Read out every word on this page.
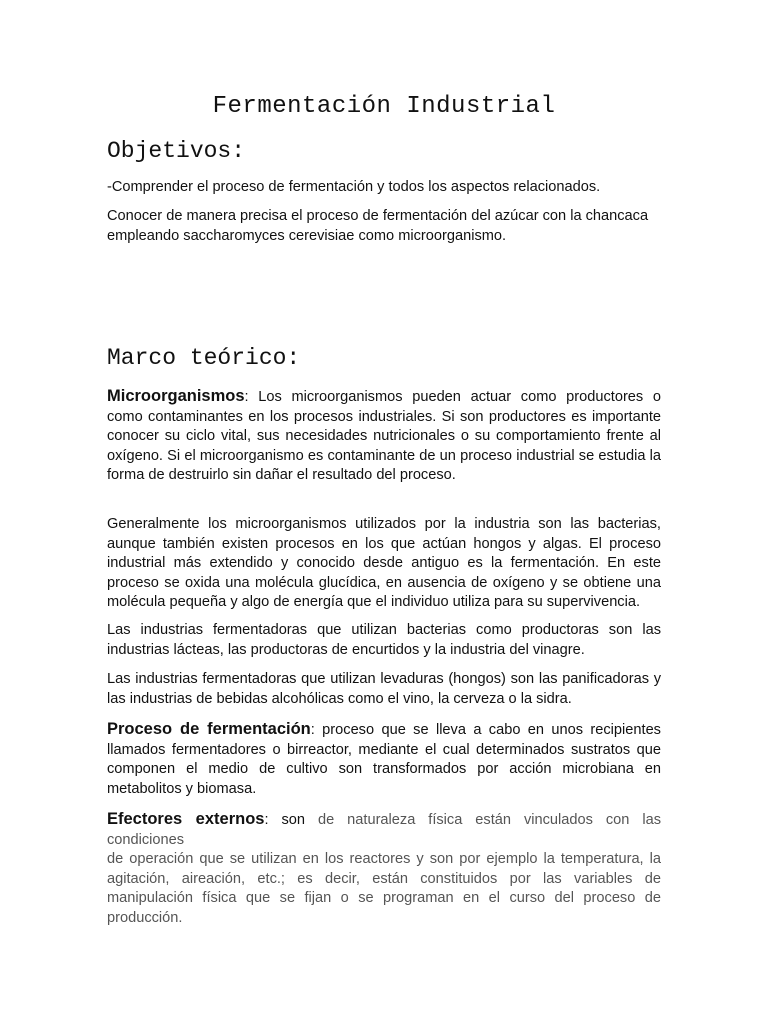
Fermentación Industrial
Objetivos:

-Comprender el proceso de fermentación y todos los aspectos relacionados.

Conocer de manera precisa el proceso de fermentación del azúcar con la chancaca empleando saccharomyces cerevisiae como microorganismo.

Marco teórico:

Microorganismos: Los microorganismos pueden actuar como productores o como contaminantes en los procesos industriales. Si son productores es importante conocer su ciclo vital, sus necesidades nutricionales o su comportamiento frente al oxígeno. Si el microorganismo es contaminante de un proceso industrial se estudia la forma de destruirlo sin dañar el resultado del proceso.

Generalmente los microorganismos utilizados por la industria son las bacterias, aunque también existen procesos en los que actúan hongos y algas. El proceso industrial más extendido y conocido desde antiguo es la fermentación. En este proceso se oxida una molécula glucídica, en ausencia de oxígeno y se obtiene una molécula pequeña y algo de energía que el individuo utiliza para su supervivencia.

Las industrias fermentadoras que utilizan bacterias como productoras son las industrias lácteas, las productoras de encurtidos y la industria del vinagre.

Las industrias fermentadoras que utilizan levaduras (hongos) son las panificadoras y las industrias de bebidas alcohólicas como el vino, la cerveza o la sidra.

Proceso de fermentación: proceso que se lleva a cabo en unos recipientes llamados fermentadores o birreactor, mediante el cual determinados sustratos que componen el medio de cultivo son transformados por acción microbiana en metabolitos y biomasa.

Efectores externos: son de naturaleza física están vinculados con las condiciones
de operación que se utilizan en los reactores y son por ejemplo la temperatura, la agitación, aireación, etc.; es decir, están constituidos por las variables de manipulación física que se fijan o se programan en el curso del proceso de producción.
